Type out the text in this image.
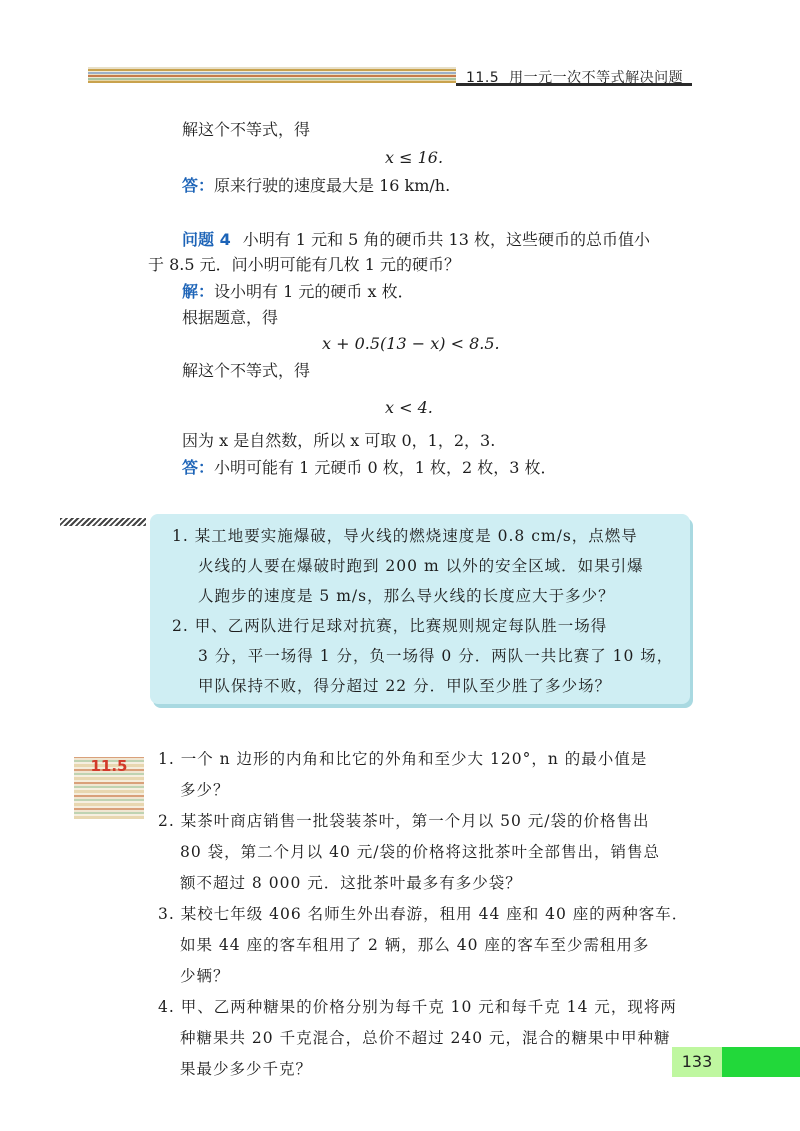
11.5 用一元一次不等式解决问题
解这个不等式，得
x ≤ 16.
答：原来行驶的速度最大是 16 km/h.
问题 4 小明有 1 元和 5 角的硬币共 13 枚，这些硬币的总币值小
于 8.5 元．问小明可能有几枚 1 元的硬币？
解：设小明有 1 元的硬币 x 枚．
根据题意，得
x + 0.5(13 − x) < 8.5.
解这个不等式，得
x < 4.
因为 x 是自然数，所以 x 可取 0，1，2，3.
答：小明可能有 1 元硬币 0 枚，1 枚，2 枚，3 枚．
1. 某工地要实施爆破，导火线的燃烧速度是 0.8 cm/s，点燃导
火线的人要在爆破时跑到 200 m 以外的安全区域．如果引爆
人跑步的速度是 5 m/s，那么导火线的长度应大于多少？
2. 甲、乙两队进行足球对抗赛，比赛规则规定每队胜一场得
3 分，平一场得 1 分，负一场得 0 分．两队一共比赛了 10 场，
甲队保持不败，得分超过 22 分．甲队至少胜了多少场？
11.5	1. 一个 n 边形的内角和比它的外角和至少大 120°，n 的最小值是
多少？
2. 某茶叶商店销售一批袋装茶叶，第一个月以 50 元/袋的价格售出
80 袋，第二个月以 40 元/袋的价格将这批茶叶全部售出，销售总
额不超过 8 000 元．这批茶叶最多有多少袋？
3. 某校七年级 406 名师生外出春游，租用 44 座和 40 座的两种客车．
如果 44 座的客车租用了 2 辆，那么 40 座的客车至少需租用多
少辆？
4. 甲、乙两种糖果的价格分别为每千克 10 元和每千克 14 元，现将两
种糖果共 20 千克混合，总价不超过 240 元，混合的糖果中甲种糖
果最少多少千克？	133
